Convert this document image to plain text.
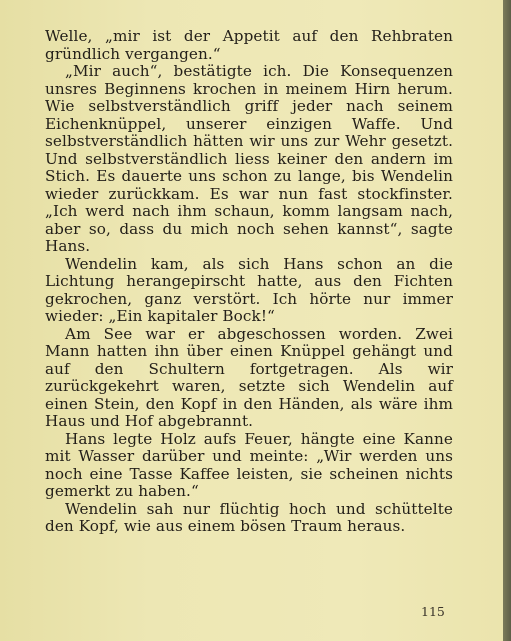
Welle, „mir ist der Appetit auf den Rehbraten gründlich vergangen.“

„Mir auch“, bestätigte ich. Die Konsequenzen unsres Beginnens krochen in meinem Hirn herum. Wie selbstverständlich griff jeder nach seinem Eichenknüppel, unserer einzigen Waffe. Und selbstverständlich hätten wir uns zur Wehr gesetzt. Und selbstverständlich liess keiner den andern im Stich. Es dauerte uns schon zu lange, bis Wendelin wieder zurückkam. Es war nun fast stockfinster. „Ich werd nach ihm schaun, komm langsam nach, aber so, dass du mich noch sehen kannst“, sagte Hans.

Wendelin kam, als sich Hans schon an die Lichtung herangepirscht hatte, aus den Fichten gekrochen, ganz verstört. Ich hörte nur immer wieder: „Ein kapitaler Bock!“

Am See war er abgeschossen worden. Zwei Mann hatten ihn über einen Knüppel gehängt und auf den Schultern fortgetragen. Als wir zurückgekehrt waren, setzte sich Wendelin auf einen Stein, den Kopf in den Händen, als wäre ihm Haus und Hof abgebrannt.

Hans legte Holz aufs Feuer, hängte eine Kanne mit Wasser darüber und meinte: „Wir werden uns noch eine Tasse Kaffee leisten, sie scheinen nichts gemerkt zu haben.“

Wendelin sah nur flüchtig hoch und schüttelte den Kopf, wie aus einem bösen Traum heraus.

115
